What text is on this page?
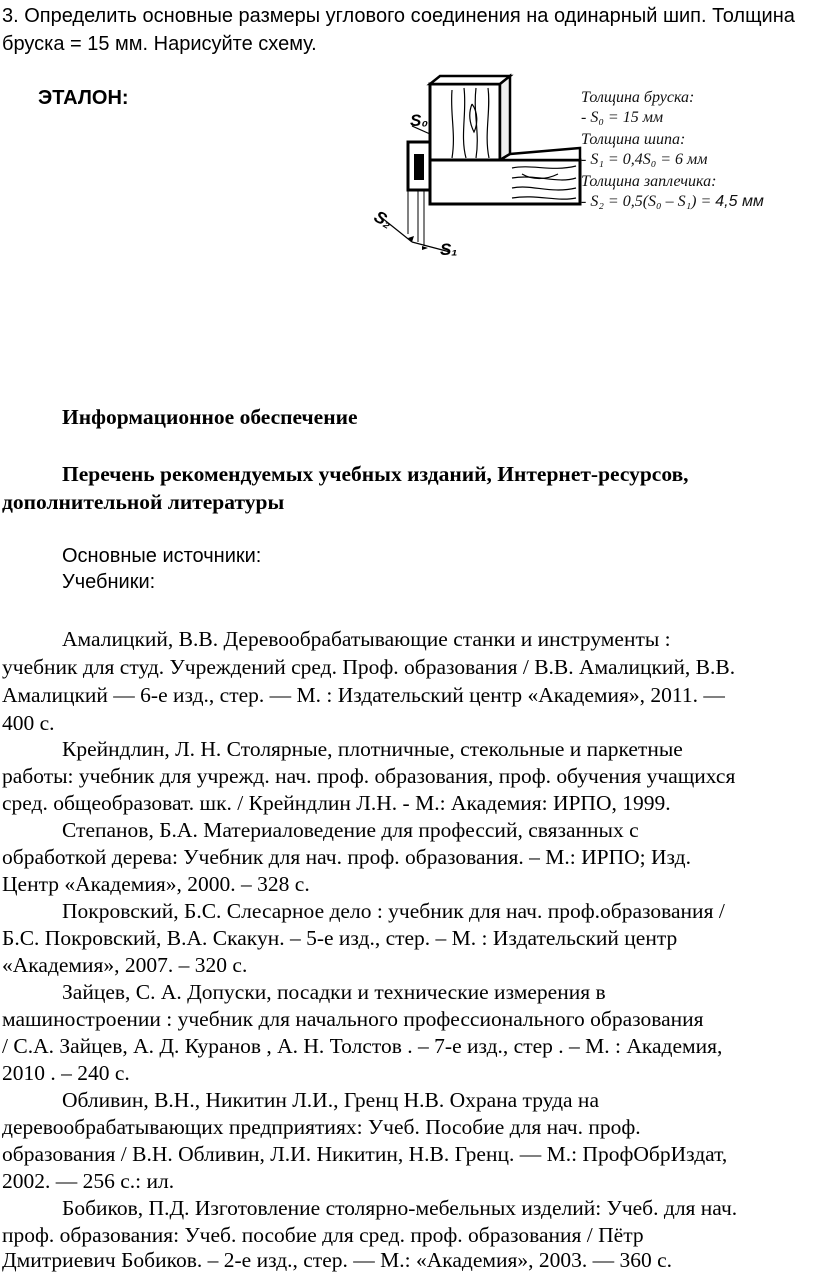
3. Определить основные размеры углового соединения на одинарный шип. Толщина
бруска = 15 мм. Нарисуйте схему.
ЭТАЛОН:
S₀
S₂
S₁
Толщина бруска:
- S₀ = 15 мм
Толщина шипа:
- S₁ = 0,4S₀ = 6 мм
Толщина заплечика:
- S₂ = 0,5(S₀ – S₁) = 4,5 мм
Информационное обеспечение
Перечень рекомендуемых учебных изданий, Интернет-ресурсов,
дополнительной литературы
Основные источники:
Учебники:
Амалицкий, В.В. Деревообрабатывающие станки и инструменты :
учебник для студ. Учреждений сред. Проф. образования / В.В. Амалицкий, В.В.
Амалицкий — 6-е изд., стер. — М. : Издательский центр «Академия», 2011. —
400 с.
Крейндлин, Л. Н. Столярные, плотничные, стекольные и паркетные
работы: учебник для учрежд. нач. проф. образования, проф. обучения учащихся
сред. общеобразоват. шк. / Крейндлин Л.Н. - М.: Академия: ИРПО, 1999.
Степанов, Б.А. Материаловедение для профессий, связанных с
обработкой дерева: Учебник для нач. проф. образования. – М.: ИРПО; Изд.
Центр «Академия», 2000. – 328 с.
Покровский, Б.С. Слесарное дело : учебник для нач. проф.образования /
Б.С. Покровский, В.А. Скакун. – 5-е изд., стер. – М. : Издательский центр
«Академия», 2007. – 320 с.
Зайцев, С. А. Допуски, посадки и технические измерения в
машиностроении : учебник для начального профессионального образования
/ С.А. Зайцев, А. Д. Куранов , А. Н. Толстов . – 7-е изд., стер . – М. : Академия,
2010 . – 240 с.
Обливин, В.Н., Никитин Л.И., Гренц Н.В. Охрана труда на
деревообрабатывающих предприятиях: Учеб. Пособие для нач. проф.
образования / В.Н. Обливин, Л.И. Никитин, Н.В. Гренц. — М.: ПрофОбрИздат,
2002. — 256 с.: ил.
Бобиков, П.Д. Изготовление столярно-мебельных изделий: Учеб. для нач.
проф. образования: Учеб. пособие для сред. проф. образования / Пётр
Дмитриевич Бобиков. – 2-е изд., стер. — М.: «Академия», 2003. — 360 с.
